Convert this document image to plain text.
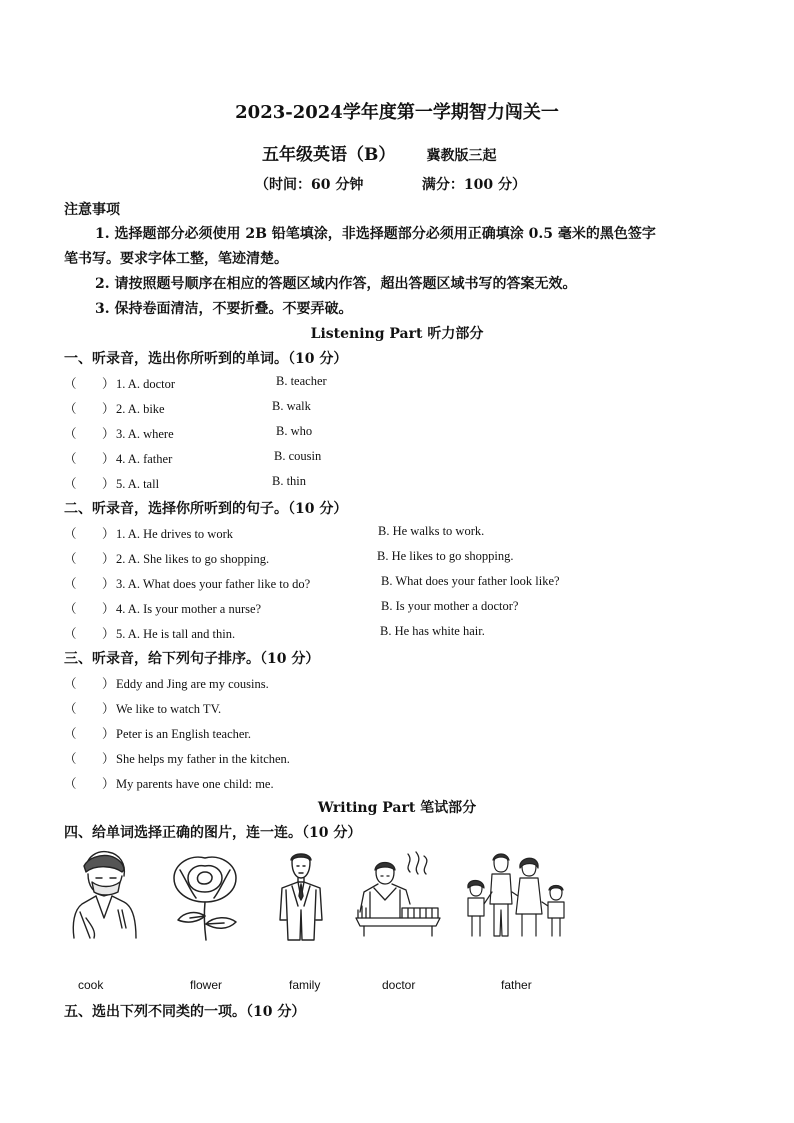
2023-2024学年度第一学期智力闯关一
五年级英语（B） 冀教版三起
（时间：60 分钟            满分：100 分）
注意事项
1. 选择题部分必须使用 2B 铅笔填涂，非选择题部分必须用正确填涂 0.5 毫米的黑色签字
笔书写。要求字体工整，笔迹清楚。
2. 请按照题号顺序在相应的答题区域内作答，超出答题区域书写的答案无效。
3. 保持卷面清洁，不要折叠。不要弄破。
Listening Part 听力部分
一、听录音，选出你所听到的单词。（10 分）
（ ）1. A. doctor	B. teacher
（ ）2. A. bike	B. walk
（ ）3. A. where	B. who
（ ）4. A. father	B. cousin
（ ）5. A. tall	B. thin
二、听录音，选择你所听到的句子。（10 分）
（ ）1. A. He drives to work	B. He walks to work.
（ ）2. A. She likes to go shopping.	B. He likes to go shopping.
（ ）3. A. What does your father like to do?	B. What does your father look like?
（ ）4. A. Is your mother a nurse?	B. Is your mother a doctor?
（ ）5. A. He is tall and thin.	B. He has white hair.
三、听录音，给下列句子排序。（10 分）
（ ）Eddy and Jing are my cousins.
（ ）We like to watch TV.
（ ）Peter is an English teacher.
（ ）She helps my father in the kitchen.
（ ）My parents have one child: me.
Writing Part 笔试部分
四、给单词选择正确的图片，连一连。（10 分）
cook	flower	family	doctor	father
五、选出下列不同类的一项。（10 分）
